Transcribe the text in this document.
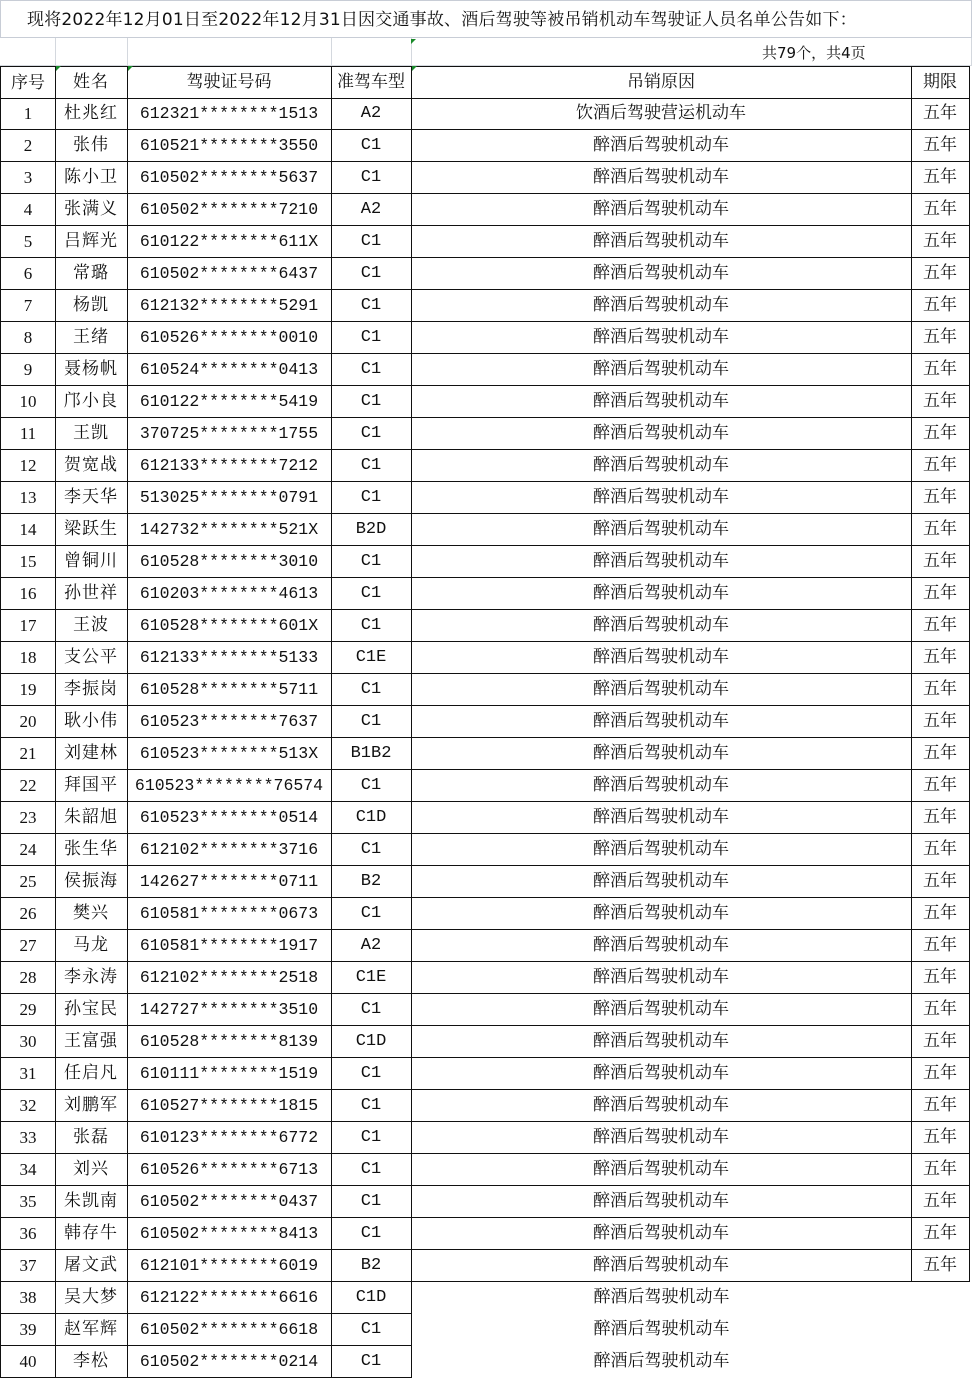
现将2022年12月01日至2022年12月31日因交通事故、酒后驾驶等被吊销机动车驾驶证人员名单公告如下：
共79个，共4页
序号	姓名	驾驶证号码	准驾车型	吊销原因	期限
1	杜兆红	612321********1513	A2	饮酒后驾驶营运机动车	五年
2	张伟	610521********3550	C1	醉酒后驾驶机动车	五年
3	陈小卫	610502********5637	C1	醉酒后驾驶机动车	五年
4	张满义	610502********7210	A2	醉酒后驾驶机动车	五年
5	吕辉光	610122********611X	C1	醉酒后驾驶机动车	五年
6	常璐	610502********6437	C1	醉酒后驾驶机动车	五年
7	杨凯	612132********5291	C1	醉酒后驾驶机动车	五年
8	王绪	610526********0010	C1	醉酒后驾驶机动车	五年
9	聂杨帆	610524********0413	C1	醉酒后驾驶机动车	五年
10	邝小良	610122********5419	C1	醉酒后驾驶机动车	五年
11	王凯	370725********1755	C1	醉酒后驾驶机动车	五年
12	贺宽战	612133********7212	C1	醉酒后驾驶机动车	五年
13	李天华	513025********0791	C1	醉酒后驾驶机动车	五年
14	梁跃生	142732********521X	B2D	醉酒后驾驶机动车	五年
15	曾铜川	610528********3010	C1	醉酒后驾驶机动车	五年
16	孙世祥	610203********4613	C1	醉酒后驾驶机动车	五年
17	王波	610528********601X	C1	醉酒后驾驶机动车	五年
18	支公平	612133********5133	C1E	醉酒后驾驶机动车	五年
19	李振岗	610528********5711	C1	醉酒后驾驶机动车	五年
20	耿小伟	610523********7637	C1	醉酒后驾驶机动车	五年
21	刘建林	610523********513X	B1B2	醉酒后驾驶机动车	五年
22	拜国平	610523********76574	C1	醉酒后驾驶机动车	五年
23	朱韶旭	610523********0514	C1D	醉酒后驾驶机动车	五年
24	张生华	612102********3716	C1	醉酒后驾驶机动车	五年
25	侯振海	142627********0711	B2	醉酒后驾驶机动车	五年
26	樊兴	610581********0673	C1	醉酒后驾驶机动车	五年
27	马龙	610581********1917	A2	醉酒后驾驶机动车	五年
28	李永涛	612102********2518	C1E	醉酒后驾驶机动车	五年
29	孙宝民	142727********3510	C1	醉酒后驾驶机动车	五年
30	王富强	610528********8139	C1D	醉酒后驾驶机动车	五年
31	任启凡	610111********1519	C1	醉酒后驾驶机动车	五年
32	刘鹏军	610527********1815	C1	醉酒后驾驶机动车	五年
33	张磊	610123********6772	C1	醉酒后驾驶机动车	五年
34	刘兴	610526********6713	C1	醉酒后驾驶机动车	五年
35	朱凯南	610502********0437	C1	醉酒后驾驶机动车	五年
36	韩存牛	610502********8413	C1	醉酒后驾驶机动车	五年
37	屠文武	612101********6019	B2	醉酒后驾驶机动车	五年
38	吴大梦	612122********6616	C1D	醉酒后驾驶机动车
39	赵军辉	610502********6618	C1	醉酒后驾驶机动车
40	李松	610502********0214	C1	醉酒后驾驶机动车
